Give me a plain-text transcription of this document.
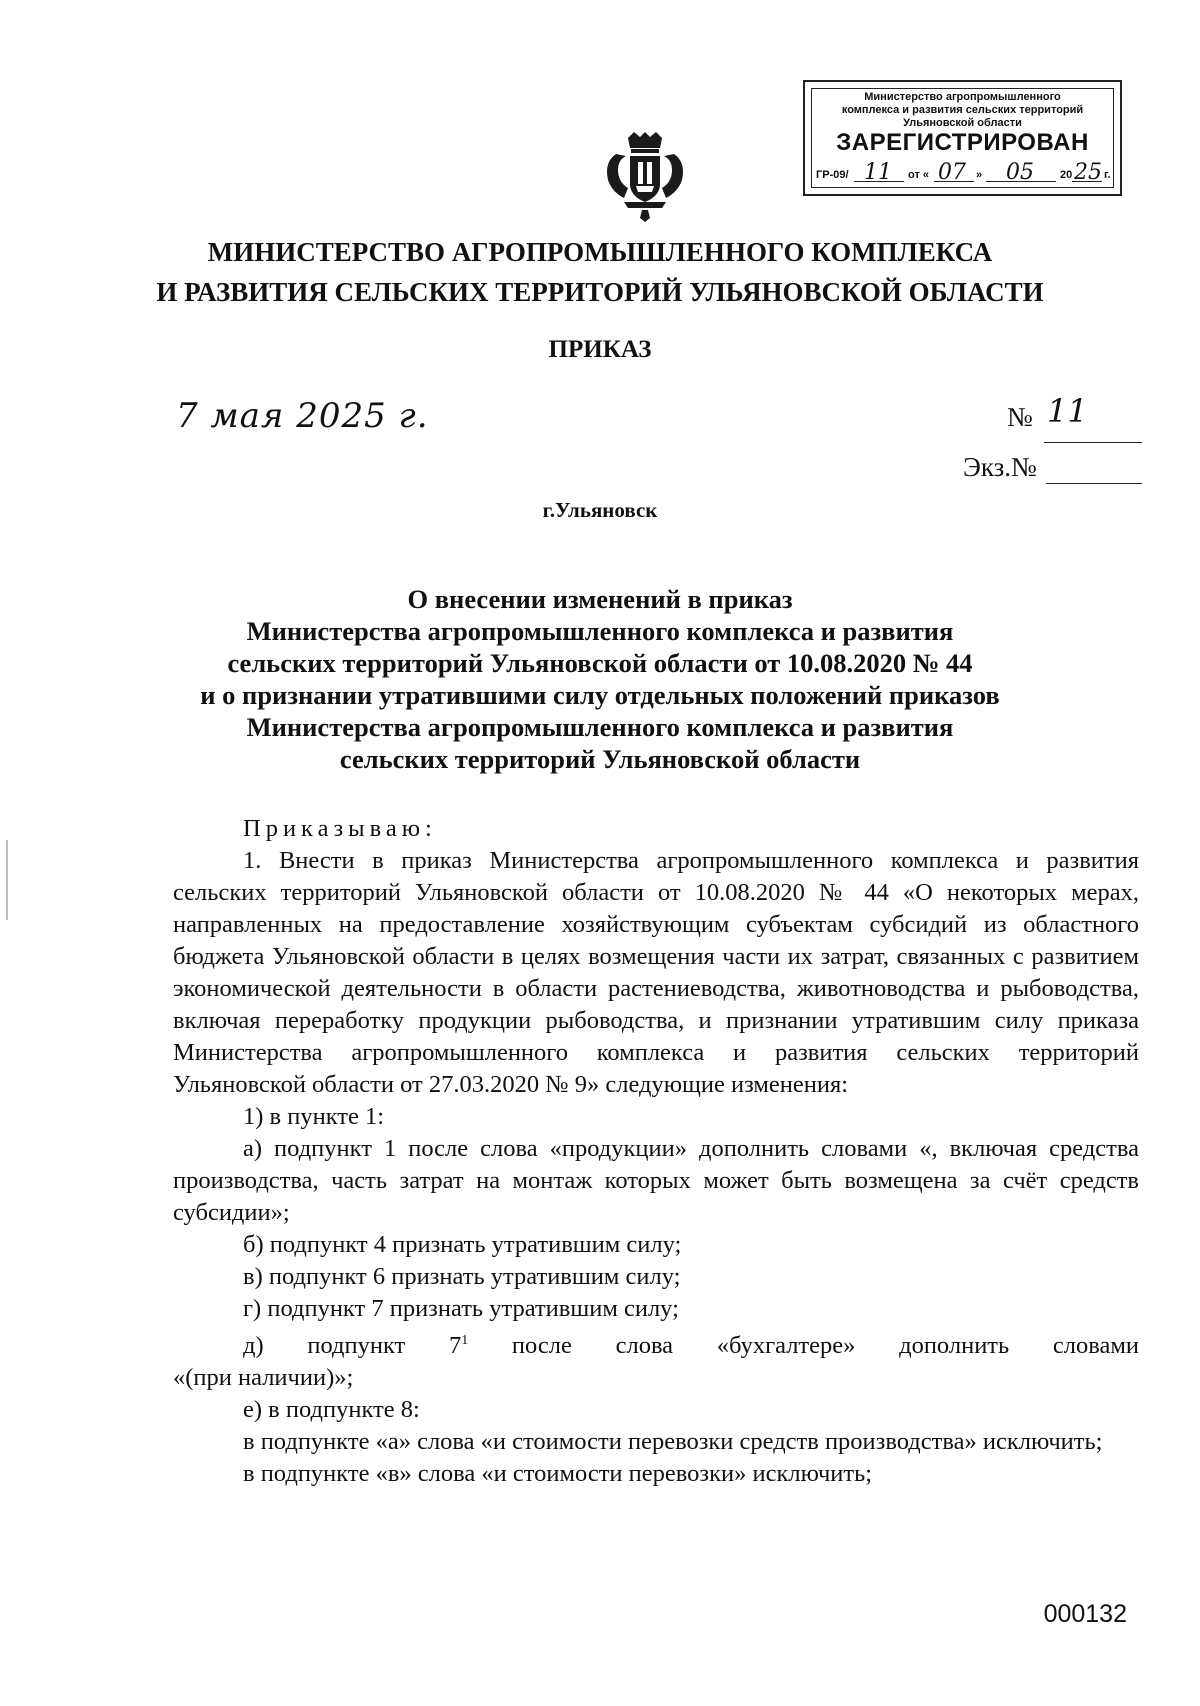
Министерство агропромышленного
комплекса и развития сельских территорий
Ульяновской области
ЗАРЕГИСТРИРОВАН
ГР-09/ 11 от « 07 » 05 20 25 г.
МИНИСТЕРСТВО АГРОПРОМЫШЛЕННОГО КОМПЛЕКСА
И РАЗВИТИЯ СЕЛЬСКИХ ТЕРРИТОРИЙ УЛЬЯНОВСКОЙ ОБЛАСТИ
ПРИКАЗ
7 мая 2025 г.	№ 11
Экз.№
г.Ульяновск
О внесении изменений в приказ
Министерства агропромышленного комплекса и развития
сельских территорий Ульяновской области от 10.08.2020 № 44
и о признании утратившими силу отдельных положений приказов
Министерства агропромышленного комплекса и развития
сельских территорий Ульяновской области

Приказываю:

1. Внести в приказ Министерства агропромышленного комплекса и развития сельских территорий Ульяновской области от 10.08.2020 № 44 «О некоторых мерах, направленных на предоставление хозяйствующим субъектам субсидий из областного бюджета Ульяновской области в целях возмещения части их затрат, связанных с развитием экономической деятельности в области растениеводства, животноводства и рыбоводства, включая переработку продукции рыбоводства, и признании утратившим силу приказа Министерства агропромышленного комплекса и развития сельских территорий Ульяновской области от 27.03.2020 № 9» следующие изменения:

1) в пункте 1:

а) подпункт 1 после слова «продукции» дополнить словами «, включая средства производства, часть затрат на монтаж которых может быть возмещена за счёт средств субсидии»;

б) подпункт 4 признать утратившим силу;

в) подпункт 6 признать утратившим силу;

г) подпункт 7 признать утратившим силу;

д) подпункт $7^1$ после слова «бухгалтере» дополнить словами

«(при наличии)»;

е) в подпункте 8:

в подпункте «а» слова «и стоимости перевозки средств производства» исключить;

в подпункте «в» слова «и стоимости перевозки» исключить;

000132
